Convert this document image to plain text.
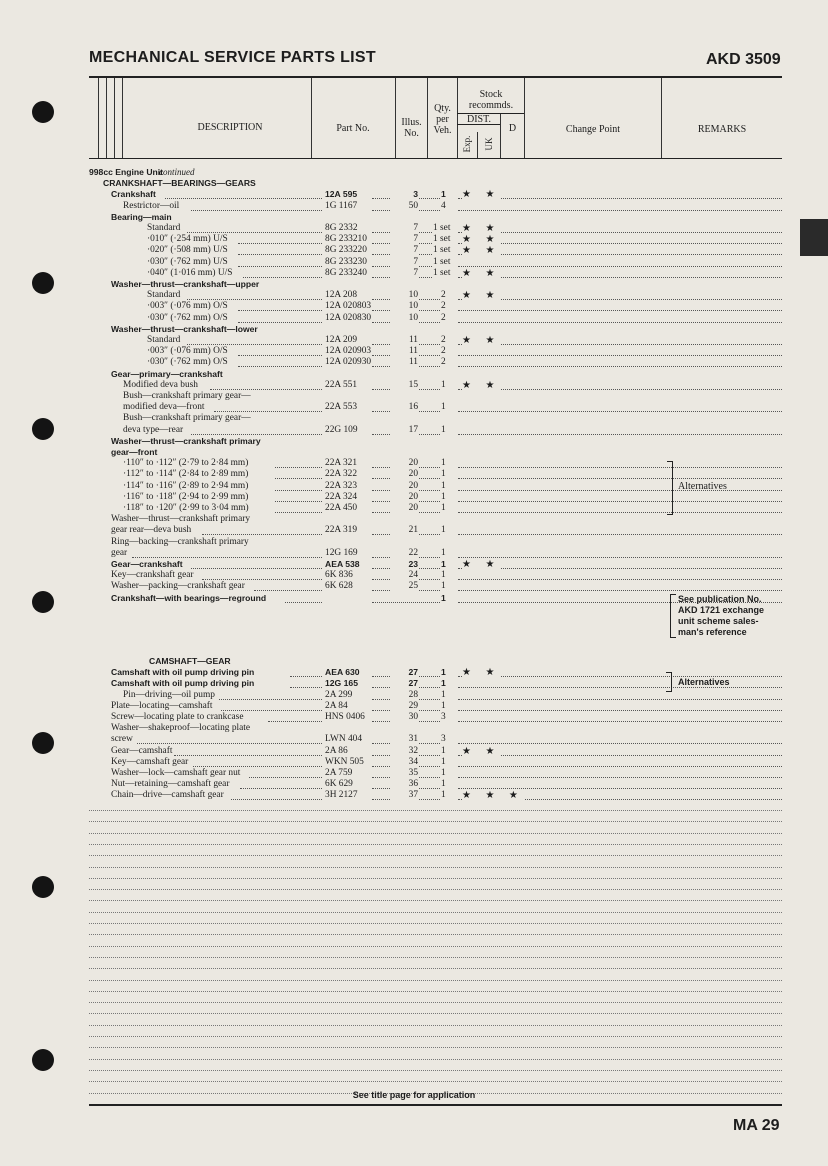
MECHANICAL SERVICE PARTS LIST	AKD 3509
DESCRIPTION	Part No.
Illus.
No.
Qty.
per
Veh.
Stock
recommds.
DIST.
Exp. UK
D	Change Point	REMARKS
998cc Engine Unit
continued
CRANKSHAFT—BEARINGS—GEARS
Crankshaft	12A 595	3	1 ★ ★
Restrictor—oil	1G 1167	50 4
Bearing—main
Standard	8G 2332	7 1 set ★ ★
·010″ (·254 mm) U/S	8G 233210	7 1 set ★ ★
·020″ (·508 mm) U/S	8G 233220	7 1 set ★ ★
·030″ (·762 mm) U/S	8G 233230	7 1 set
·040″ (1·016 mm) U/S	8G 233240	7 1 set ★ ★
Washer—thrust—crankshaft—upper
Standard	12A 208	10 2 ★ ★
·003″ (·076 mm) O/S	12A 020803	10 2
·030″ (·762 mm) O/S	12A 020830	10 2
Washer—thrust—crankshaft—lower
Standard	12A 209	11 2 ★ ★
·003″ (·076 mm) O/S	12A 020903	11 2
·030″ (·762 mm) O/S	12A 020930	11 2
Gear—primary—crankshaft
Modified deva bush	22A 551	15 1 ★ ★
Bush—crankshaft primary gear—
modified deva—front	22A 553	16 1
Bush—crankshaft primary gear—
deva type—rear	22G 109	17 1
Washer—thrust—crankshaft primary
gear—front
·110″ to ·112″ (2·79 to 2·84 mm)	22A 321	20 1
·112″ to ·114″ (2·84 to 2·89 mm)	22A 322	20 1
·114″ to ·116″ (2·89 to 2·94 mm)	22A 323	20 1
·116″ to ·118″ (2·94 to 2·99 mm)	22A 324	20 1
·118″ to ·120″ (2·99 to 3·04 mm)	22A 450	20 1
Washer—thrust—crankshaft primary
gear rear—deva bush	22A 319	21 1
Ring—backing—crankshaft primary
gear	12G 169	22 1
Gear—crankshaft	AEA 538	23	1 ★ ★
Key—crankshaft gear	6K 836	24 1
Washer—packing—crankshaft gear	6K 628	25 1
Crankshaft—with bearings—reground	1
CAMSHAFT—GEAR
Camshaft with oil pump driving pin	AEA 630	27	1 ★ ★
Camshaft with oil pump driving pin	12G 165	27	1
Pin—driving—oil pump	2A 299	28 1
Plate—locating—camshaft	2A 84	29 1
Screw—locating plate to crankcase	HNS 0406	30 3
Washer—shakeproof—locating plate
screw	LWN 404	31 3
Gear—camshaft	2A 86	32 1 ★ ★
Key—camshaft gear	WKN 505	34 1
Washer—lock—camshaft gear nut	2A 759	35 1
Nut—retaining—camshaft gear	6K 629	36 1
Chain—drive—camshaft gear	3H 2127	37 1 ★ ★ ★
Alternatives
See publication No.
AKD 1721 exchange
unit scheme sales-
man's reference
Alternatives
See title page for application
MA 29
